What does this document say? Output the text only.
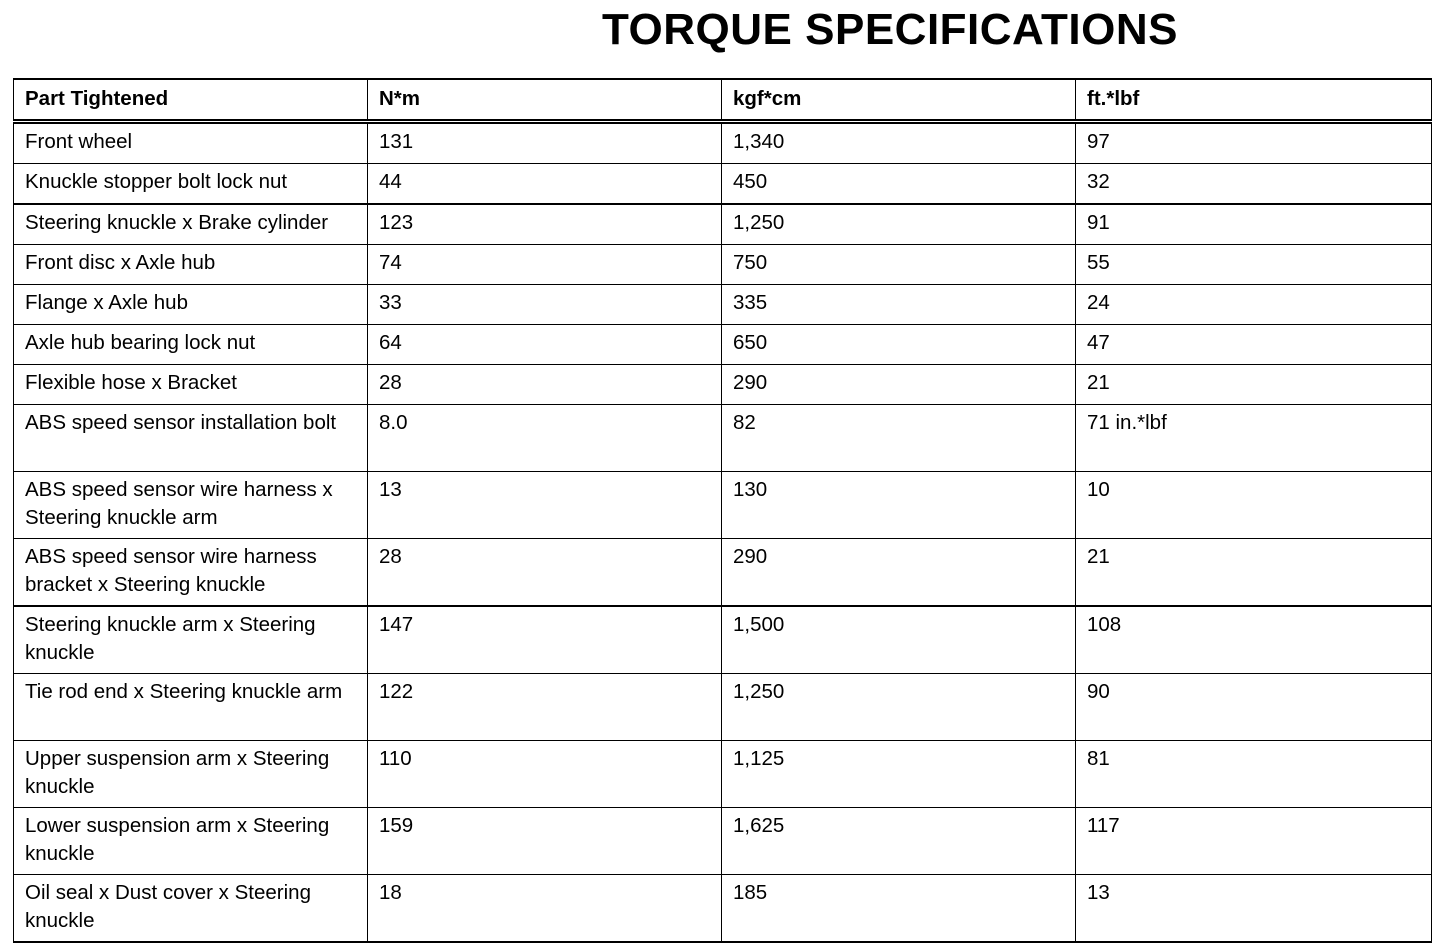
TORQUE SPECIFICATIONS
Part Tightened	N*m	kgf*cm	ft.*lbf
Front wheel	131	1,340	97
Knuckle stopper bolt lock nut	44	450	32
Steering knuckle x Brake cylinder	123	1,250	91
Front disc x Axle hub	74	750	55
Flange x Axle hub	33	335	24
Axle hub bearing lock nut	64	650	47
Flexible hose x Bracket	28	290	21
ABS speed sensor installation bolt	8.0	82	71 in.*lbf
ABS speed sensor wire harness x Steering knuckle arm	13	130	10
ABS speed sensor wire harness bracket x Steering knuckle	28	290	21
Steering knuckle arm x Steering knuckle	147	1,500	108
Tie rod end x Steering knuckle arm	122	1,250	90
Upper suspension arm x Steering knuckle	110	1,125	81
Lower suspension arm x Steering knuckle	159	1,625	117
Oil seal x Dust cover x Steering knuckle	18	185	13
